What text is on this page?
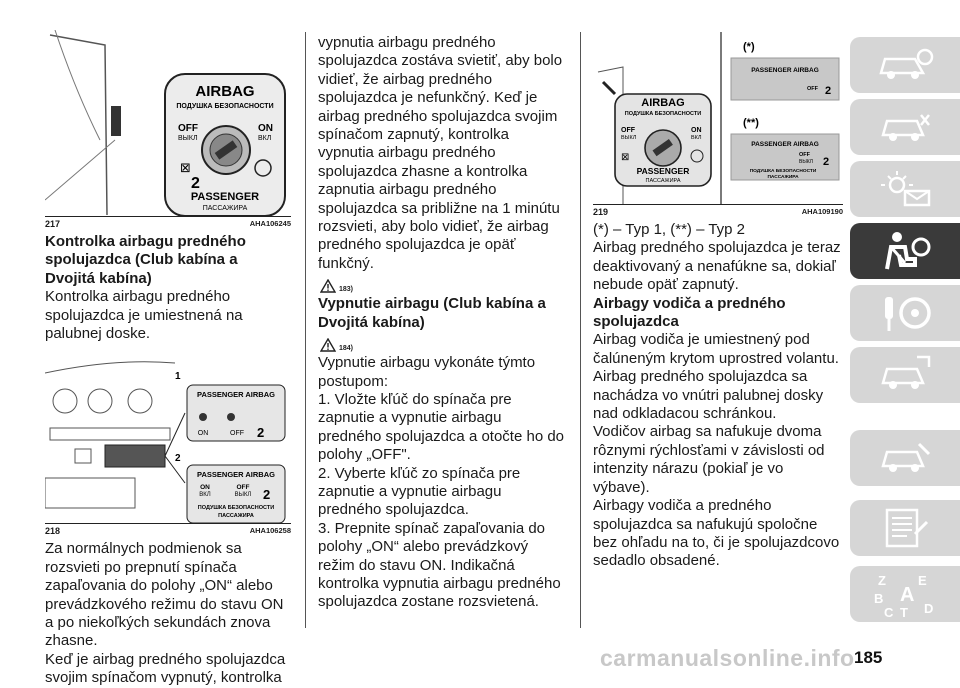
AIRBAG
ПОДУШКА БЕЗОПАСНОСТИ
OFF
ВЫКЛ
ON
ВКЛ
⊠
2
PASSENGER
ПАССАЖИРА
217	AHA106245
Kontrolka airbagu predného spolujazdca (Club kabína a Dvojitá kabína)

Kontrolka airbagu predného spolujazdca je umiestnená na palubnej doske.

1
PASSENGER AIRBAG
ON	OFF 2
2
PASSENGER AIRBAG
ON
ВКЛ
OFF
ВЫКЛ 2
ПОДУШКА БЕЗОПАСНОСТИ
ПАССАЖИРА
218	AHA106258

Za normálnych podmienok sa rozsvieti po prepnutí spínača zapaľovania do polohy „ON“ alebo prevádzkového režimu do stavu ON a po niekoľkých sekundách znova zhasne.

Keď je airbag predného spolujazdca svojim spínačom vypnutý, kontrolka

vypnutia airbagu predného spolujazdca zostáva svietiť, aby bolo vidieť, že airbag predného spolujazdca je nefunkčný. Keď je airbag predného spolujazdca svojim spínačom zapnutý, kontrolka vypnutia airbagu predného spolujazdca zhasne a kontrolka zapnutia airbagu predného spolujazdca sa približne na 1 minútu rozsvieti, aby bolo vidieť, že airbag predného spolujazdca je opäť funkčný.

183)
Vypnutie airbagu (Club kabína a Dvojitá kabína)
184)

Vypnutie airbagu vykonáte týmto postupom:

1. Vložte kľúč do spínača pre zapnutie a vypnutie airbagu predného spolujazdca a otočte ho do polohy „OFF".

2. Vyberte kľúč zo spínača pre zapnutie a vypnutie airbagu predného spolujazdca.

3. Prepnite spínač zapaľovania do polohy „ON“ alebo prevádzkový režim do stavu ON. Indikačná kontrolka vypnutia airbagu predného spolujazdca zostane rozsvietená.

AIRBAG
ПОДУШКА БЕЗОПАСНОСТИ
OFF
ВЫКЛ
ON
ВКЛ
⊠
PASSENGER
ПАССАЖИРА
(*)
PASSENGER AIRBAG
OFF 2
(**)
PASSENGER AIRBAG
OFF
ВЫКЛ 2
ПОДУШКА БЕЗОПАСНОСТИ
ПАССАЖИРА
219	AHA109190

(*) – Typ 1, (**) – Typ 2

Airbag predného spolujazdca je teraz deaktivovaný a nenafúkne sa, dokiaľ nebude opäť zapnutý.

Airbagy vodiča a predného spolujazdca

Airbag vodiča je umiestnený pod čalúneným krytom uprostred volantu. Airbag predného spolujazdca sa nachádza vo vnútri palubnej dosky nad odkladacou schránkou.

Vodičov airbag sa nafukuje dvoma rôznymi rýchlosťami v závislosti od intenzity nárazu (pokiaľ je vo výbave).

Airbagy vodiča a predného spolujazdca sa nafukujú spoločne bez ohľadu na to, či je spolujazdcovo sedadlo obsadené.

Z E
B A
C T D
carmanualsonline.info 185
